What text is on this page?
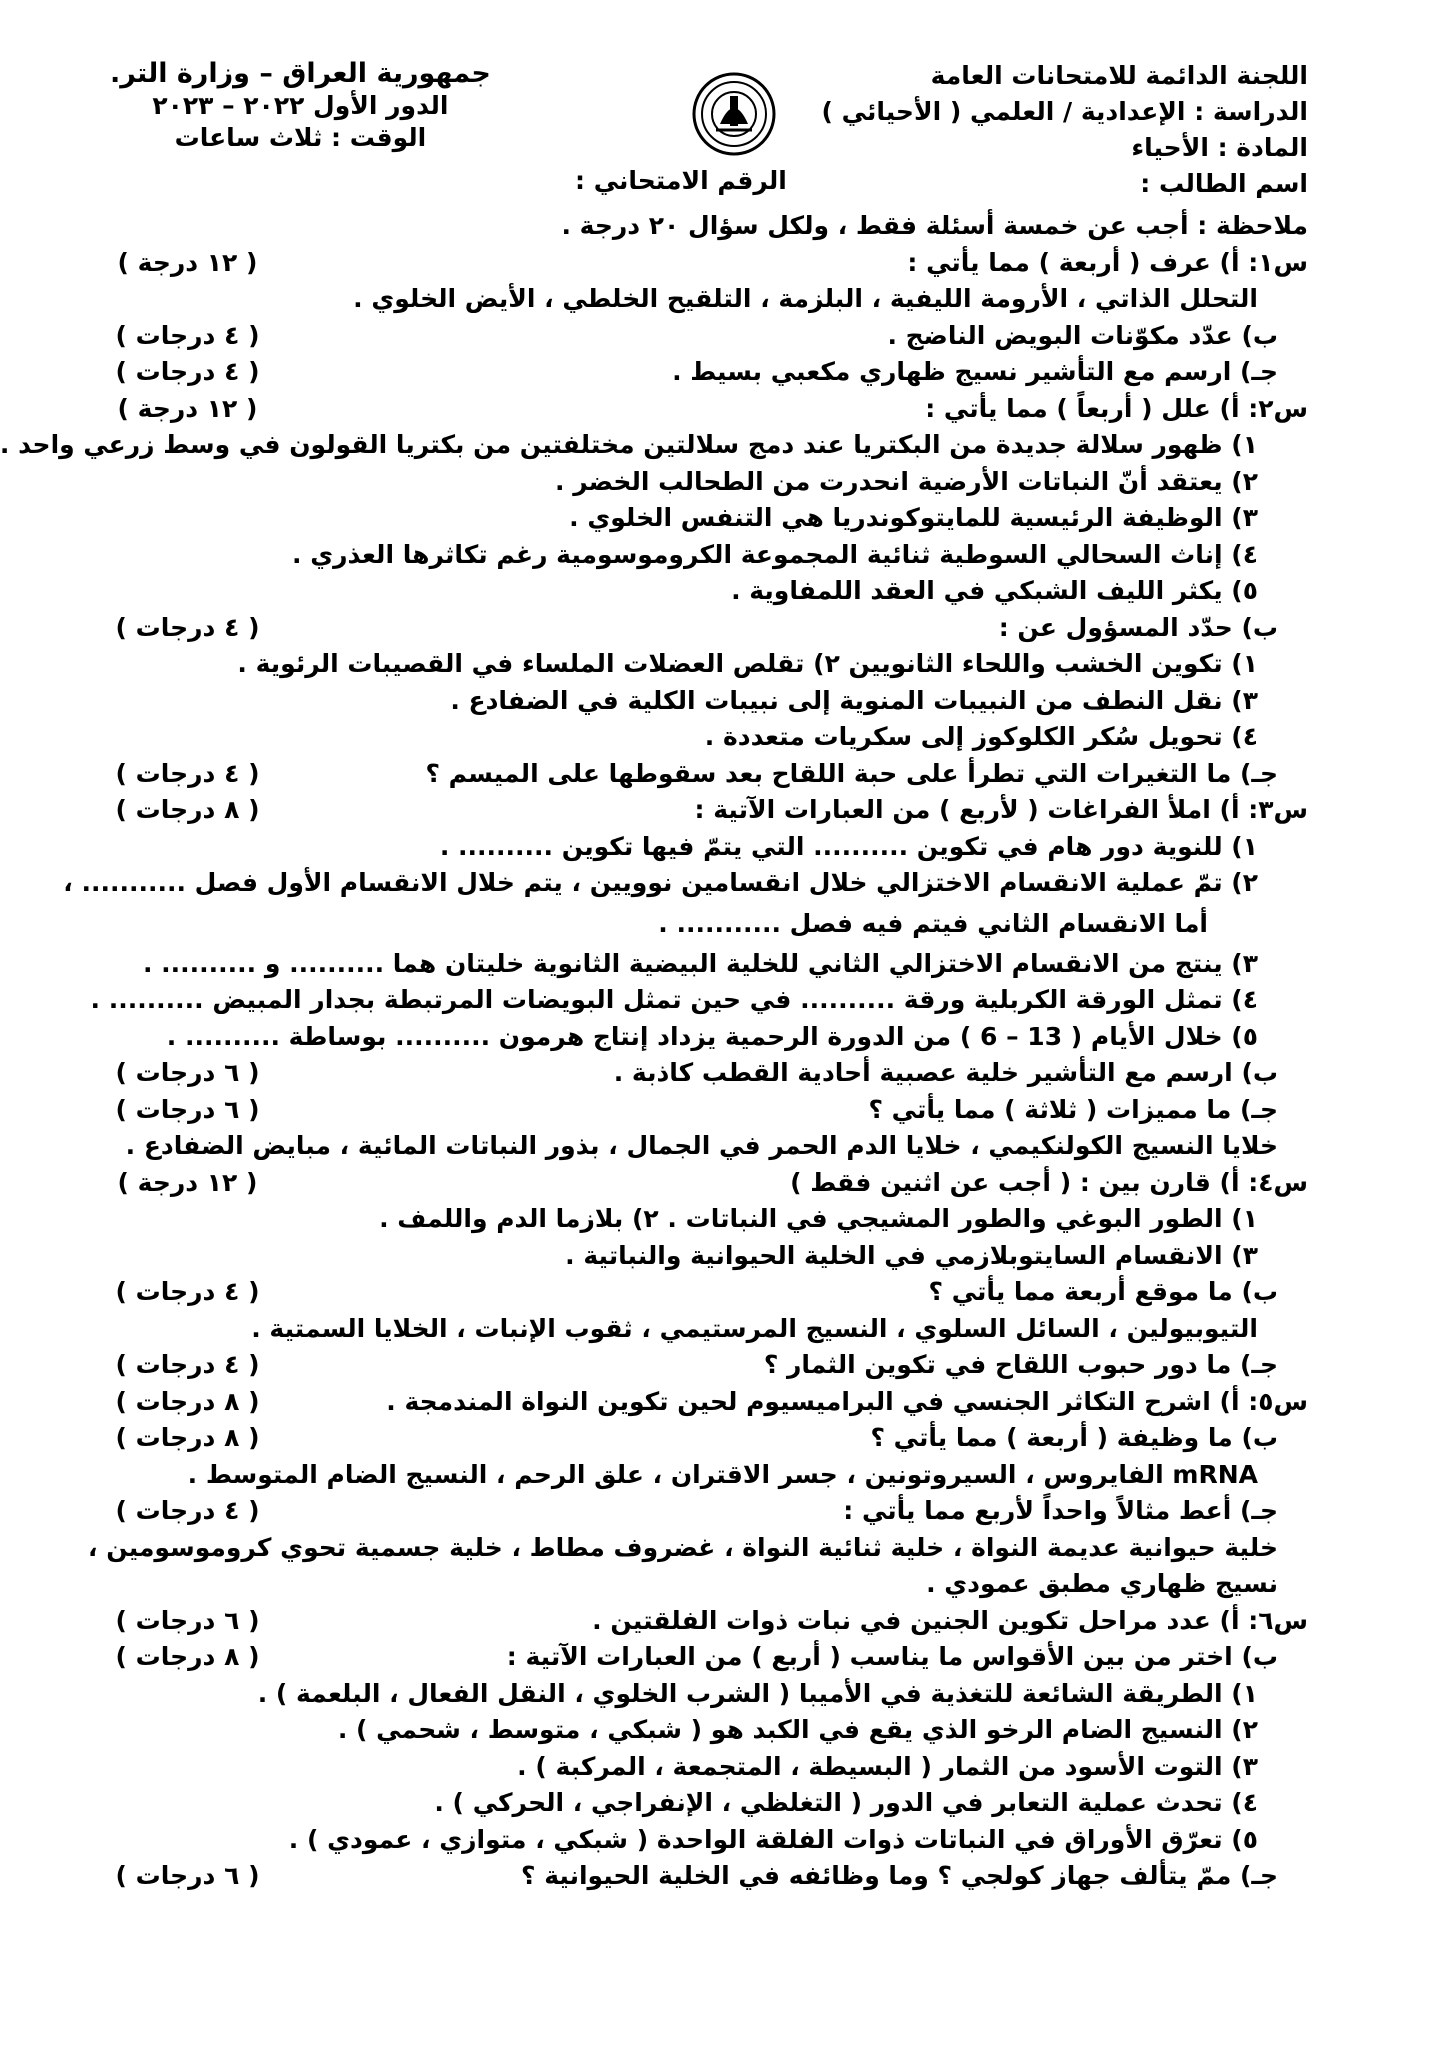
اللجنة الدائمة للامتحانات العامة
الدراسة : الإعدادية / العلمي ( الأحيائي )
المادة : الأحياء
اسم الطالب :
جمهورية العراق – وزارة التر.
الدور الأول ٢٠٢٢ – ٢٠٢٣
الوقت : ثلاث ساعات
الرقم الامتحاني :
ملاحظة : أجب عن خمسة أسئلة فقط ، ولكل سؤال ٢٠ درجة .
س١: أ) عرف ( أربعة ) مما يأتي :
( ١٢ درجة )
التحلل الذاتي ، الأرومة الليفية ، البلزمة ، التلقيح الخلطي ، الأيض الخلوي .
ب) عدّد مكوّنات البويض الناضج .
( ٤ درجات )
جـ) ارسم مع التأشير نسيج ظهاري مكعبي بسيط .
( ٤ درجات )
س٢: أ) علل ( أربعاً ) مما يأتي :
( ١٢ درجة )
١) ظهور سلالة جديدة من البكتريا عند دمج سلالتين مختلفتين من بكتريا القولون في وسط زرعي واحد .
٢) يعتقد أنّ النباتات الأرضية انحدرت من الطحالب الخضر .
٣) الوظيفة الرئيسية للمايتوكوندريا هي التنفس الخلوي .
٤) إناث السحالي السوطية ثنائية المجموعة الكروموسومية رغم تكاثرها العذري .
٥) يكثر الليف الشبكي في العقد اللمفاوية .
ب) حدّد المسؤول عن :
( ٤ درجات )
١) تكوين الخشب واللحاء الثانويين ٢) تقلص العضلات الملساء في القصيبات الرئوية .
٣) نقل النطف من النبيبات المنوية إلى نبيبات الكلية في الضفادع .
٤) تحويل سُكر الكلوكوز إلى سكريات متعددة .
جـ) ما التغيرات التي تطرأ على حبة اللقاح بعد سقوطها على الميسم ؟
( ٤ درجات )
س٣: أ) املأ الفراغات ( لأربع ) من العبارات الآتية :
( ٨ درجات )
١) للنوية دور هام في تكوين .......... التي يتمّ فيها تكوين .......... .
٢) تمّ عملية الانقسام الاختزالي خلال انقسامين نوويين ، يتم خلال الانقسام الأول فصل ........... ،
أما الانقسام الثاني فيتم فيه فصل ........... .
٣) ينتج من الانقسام الاختزالي الثاني للخلية البيضية الثانوية خليتان هما .......... و .......... .
٤) تمثل الورقة الكربلية ورقة .......... في حين تمثل البويضات المرتبطة بجدار المبيض .......... .
٥) خلال الأيام ( 13 – 6 ) من الدورة الرحمية يزداد إنتاج هرمون .......... بوساطة .......... .
ب) ارسم مع التأشير خلية عصبية أحادية القطب كاذبة .
( ٦ درجات )
جـ) ما مميزات ( ثلاثة ) مما يأتي ؟
( ٦ درجات )
خلايا النسيج الكولنكيمي ، خلايا الدم الحمر في الجمال ، بذور النباتات المائية ، مبايض الضفادع .
س٤: أ) قارن بين : ( أجب عن اثنين فقط )
( ١٢ درجة )
١) الطور البوغي والطور المشيجي في النباتات . ٢) بلازما الدم واللمف .
٣) الانقسام السايتوبلازمي في الخلية الحيوانية والنباتية .
ب) ما موقع أربعة مما يأتي ؟
( ٤ درجات )
التيوبيولين ، السائل السلوي ، النسيج المرستيمي ، ثقوب الإنبات ، الخلايا السمتية .
جـ) ما دور حبوب اللقاح في تكوين الثمار ؟
( ٤ درجات )
س٥: أ) اشرح التكاثر الجنسي في البراميسيوم لحين تكوين النواة المندمجة .
( ٨ درجات )
ب) ما وظيفة ( أربعة ) مما يأتي ؟
( ٨ درجات )
mRNA الفايروس ، السيروتونين ، جسر الاقتران ، علق الرحم ، النسيج الضام المتوسط .
جـ) أعط مثالاً واحداً لأربع مما يأتي :
( ٤ درجات )
خلية حيوانية عديمة النواة ، خلية ثنائية النواة ، غضروف مطاط ، خلية جسمية تحوي كروموسومين ،
نسيج ظهاري مطبق عمودي .
س٦: أ) عدد مراحل تكوين الجنين في نبات ذوات الفلقتين .
( ٦ درجات )
ب) اختر من بين الأقواس ما يناسب ( أربع ) من العبارات الآتية :
( ٨ درجات )
١) الطريقة الشائعة للتغذية في الأميبا ( الشرب الخلوي ، النقل الفعال ، البلعمة ) .
٢) النسيج الضام الرخو الذي يقع في الكبد هو ( شبكي ، متوسط ، شحمي ) .
٣) التوت الأسود من الثمار ( البسيطة ، المتجمعة ، المركبة ) .
٤) تحدث عملية التعابر في الدور ( التغلظي ، الإنفراجي ، الحركي ) .
٥) تعرّق الأوراق في النباتات ذوات الفلقة الواحدة ( شبكي ، متوازي ، عمودي ) .
جـ) ممّ يتألف جهاز كولجي ؟ وما وظائفه في الخلية الحيوانية ؟
( ٦ درجات )
